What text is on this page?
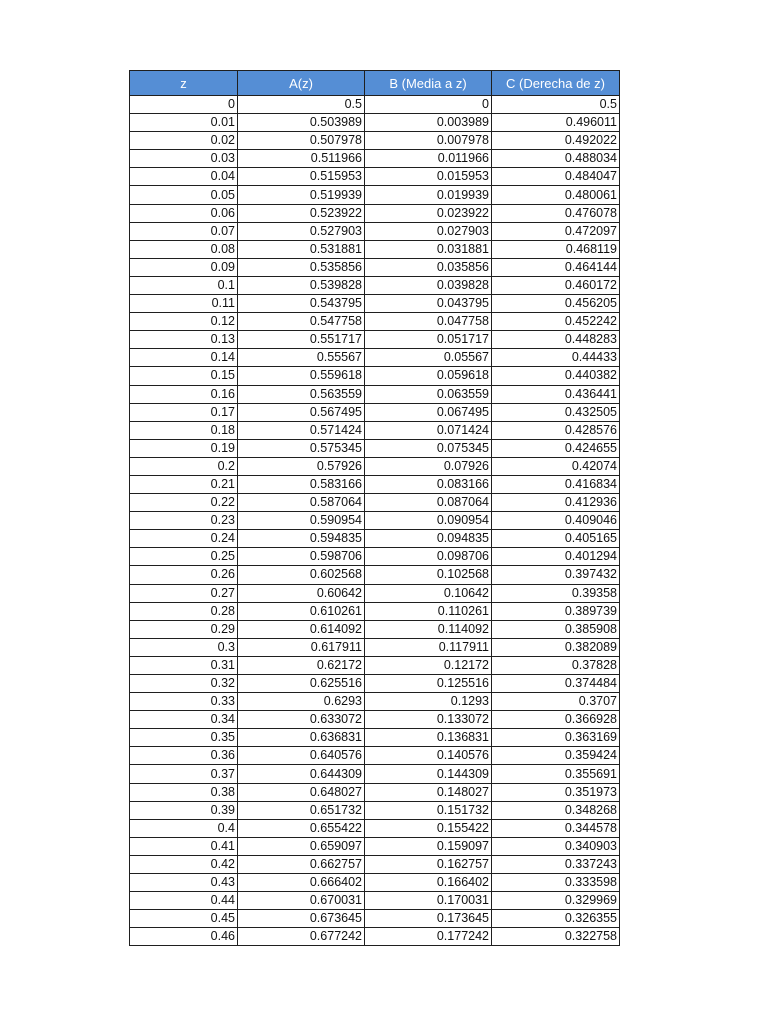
z	A(z)	B (Media a z)	C (Derecha de z)
0	0.5	0	0.5
0.01	0.503989	0.003989	0.496011
0.02	0.507978	0.007978	0.492022
0.03	0.511966	0.011966	0.488034
0.04	0.515953	0.015953	0.484047
0.05	0.519939	0.019939	0.480061
0.06	0.523922	0.023922	0.476078
0.07	0.527903	0.027903	0.472097
0.08	0.531881	0.031881	0.468119
0.09	0.535856	0.035856	0.464144
0.1	0.539828	0.039828	0.460172
0.11	0.543795	0.043795	0.456205
0.12	0.547758	0.047758	0.452242
0.13	0.551717	0.051717	0.448283
0.14	0.55567	0.05567	0.44433
0.15	0.559618	0.059618	0.440382
0.16	0.563559	0.063559	0.436441
0.17	0.567495	0.067495	0.432505
0.18	0.571424	0.071424	0.428576
0.19	0.575345	0.075345	0.424655
0.2	0.57926	0.07926	0.42074
0.21	0.583166	0.083166	0.416834
0.22	0.587064	0.087064	0.412936
0.23	0.590954	0.090954	0.409046
0.24	0.594835	0.094835	0.405165
0.25	0.598706	0.098706	0.401294
0.26	0.602568	0.102568	0.397432
0.27	0.60642	0.10642	0.39358
0.28	0.610261	0.110261	0.389739
0.29	0.614092	0.114092	0.385908
0.3	0.617911	0.117911	0.382089
0.31	0.62172	0.12172	0.37828
0.32	0.625516	0.125516	0.374484
0.33	0.6293	0.1293	0.3707
0.34	0.633072	0.133072	0.366928
0.35	0.636831	0.136831	0.363169
0.36	0.640576	0.140576	0.359424
0.37	0.644309	0.144309	0.355691
0.38	0.648027	0.148027	0.351973
0.39	0.651732	0.151732	0.348268
0.4	0.655422	0.155422	0.344578
0.41	0.659097	0.159097	0.340903
0.42	0.662757	0.162757	0.337243
0.43	0.666402	0.166402	0.333598
0.44	0.670031	0.170031	0.329969
0.45	0.673645	0.173645	0.326355
0.46	0.677242	0.177242	0.322758
